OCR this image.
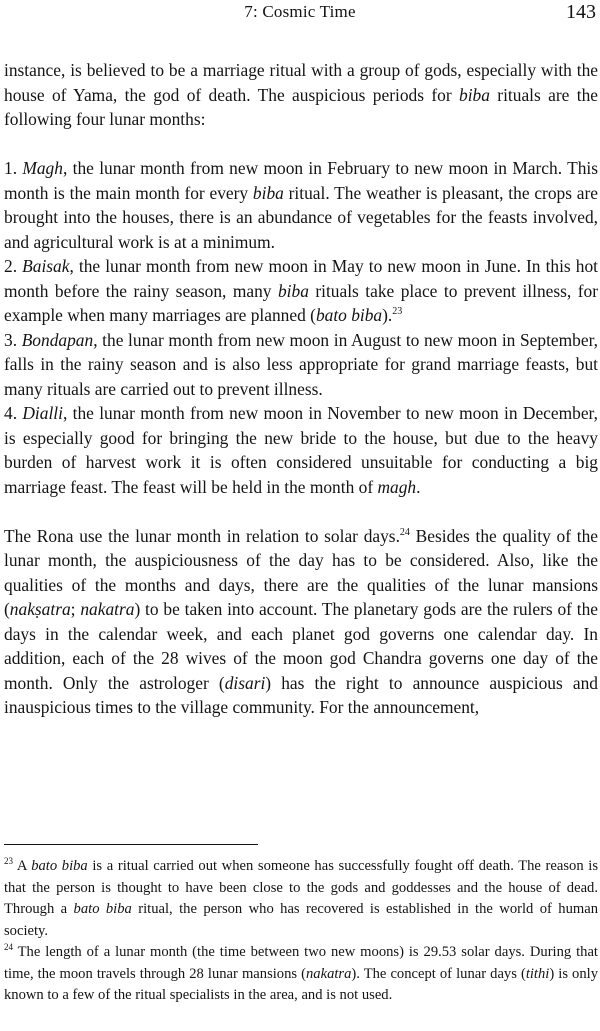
7: Cosmic Time	143

instance, is believed to be a marriage ritual with a group of gods, especially with the house of Yama, the god of death. The auspicious periods for biba rituals are the following four lunar months:

1. Magh, the lunar month from new moon in February to new moon in March. This month is the main month for every biba ritual. The weather is pleasant, the crops are brought into the houses, there is an abundance of vegetables for the feasts involved, and agricultural work is at a minimum.

2. Baisak, the lunar month from new moon in May to new moon in June. In this hot month before the rainy season, many biba rituals take place to prevent illness, for example when many marriages are planned (bato biba).$^{23}$

3. Bondapan, the lunar month from new moon in August to new moon in September, falls in the rainy season and is also less appropriate for grand marriage feasts, but many rituals are carried out to prevent illness.

4. Dialli, the lunar month from new moon in November to new moon in December, is especially good for bringing the new bride to the house, but due to the heavy burden of harvest work it is often considered unsuitable for conducting a big marriage feast. The feast will be held in the month of magh.

The Rona use the lunar month in relation to solar days.$^{24}$ Besides the quality of the lunar month, the auspiciousness of the day has to be considered. Also, like the qualities of the months and days, there are the qualities of the lunar mansions (nakṣatra; nakatra) to be taken into account. The planetary gods are the rulers of the days in the calendar week, and each planet god governs one calendar day. In addition, each of the 28 wives of the moon god Chandra governs one day of the month. Only the astrologer (disari) has the right to announce auspicious and inauspicious times to the village community. For the announcement,

$^{23}$ A bato biba is a ritual carried out when someone has successfully fought off death. The reason is that the person is thought to have been close to the gods and goddesses and the house of dead. Through a bato biba ritual, the person who has recovered is established in the world of human society.

$^{24}$ The length of a lunar month (the time between two new moons) is 29.53 solar days. During that time, the moon travels through 28 lunar mansions (nakatra). The concept of lunar days (tithi) is only known to a few of the ritual specialists in the area, and is not used.
